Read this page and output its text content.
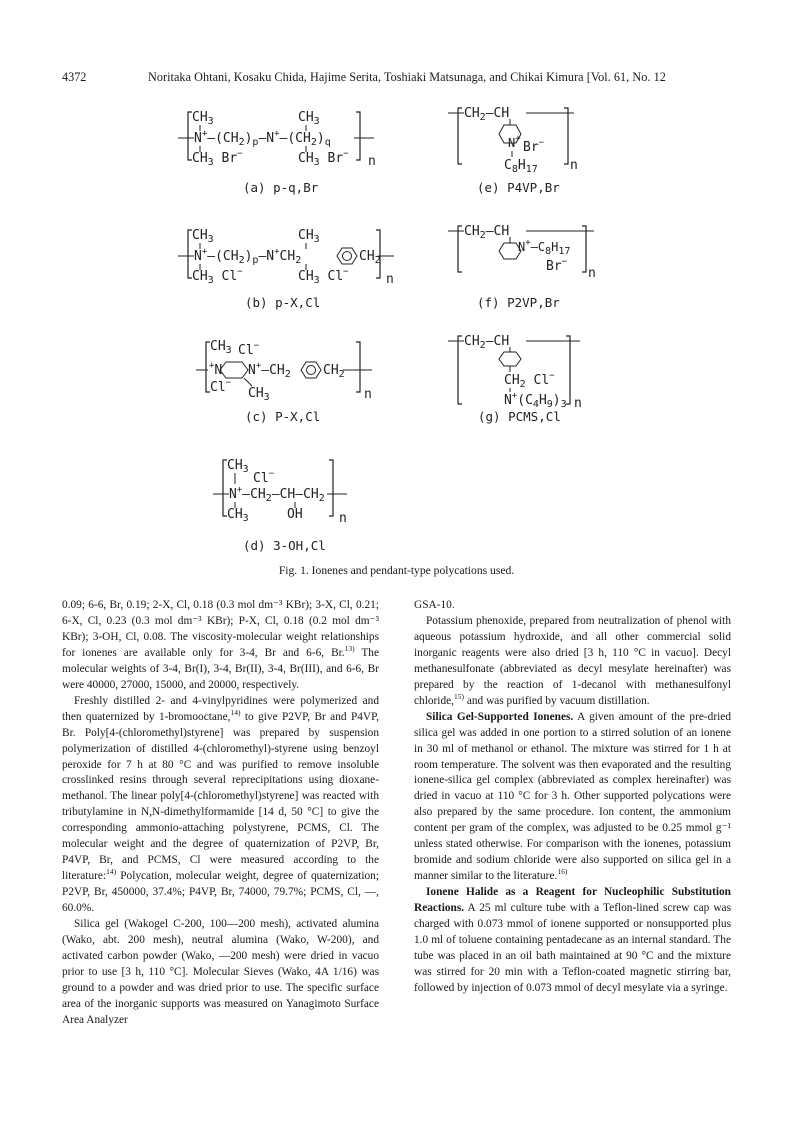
4372	Noritaka Ohtani, Kosaku Chida, Hajime Serita, Toshiaki Matsunaga, and Chikai Kimura [Vol. 61, No. 12
$CH_3$	$CH_3$
$N^+—(CH_2)_p—N^+—(CH_2)_q$
$CH_3$ Br−	$CH_3$ Br− n
(a) p-q,Br
$CH_3$	$CH_3$
$N^+—(CH_2)_p—N^+CH_2$	$CH_2$
$CH_3$ Cl−	$CH_3$ Cl−	n
(b) p-X,Cl
$CH_3$ Cl−
+N $N^+—CH_2$ $CH_2$
Cl−
$CH_3$	n
(c) P-X,Cl
$CH_3$
Cl−
$N^+—CH_2—CH—CH_2$
$CH_3$	OH	n
(d) 3-OH,Cl
$CH_2—CH$
N+
Br−
$C_8H_{17}$ n
(e) P4VP,Br
$CH_2—CH$
$N^+—C_8H_{17}$
Br−
n
(f) P2VP,Br
$CH_2—CH$
$CH_2$ Cl−
$N^+(C_4H_9)_3$ n
(g) PCMS,Cl
Fig. 1. Ionenes and pendant-type polycations used.

0.09; 6-6, Br, 0.19; 2-X, Cl, 0.18 (0.3 mol dm⁻³ KBr); 3-X, Cl, 0.21; 6-X, Cl, 0.23 (0.3 mol dm⁻³ KBr); P-X, Cl, 0.18 (0.2 mol dm⁻³ KBr); 3-OH, Cl, 0.08. The viscosity-molecular weight relationships for ionenes are available only for 3-4, Br and 6-6, Br.$^{13)}$ The molecular weights of 3-4, Br(I), 3-4, Br(II), 3-4, Br(III), and 6-6, Br were 40000, 27000, 15000, and 20000, respectively.

Freshly distilled 2- and 4-vinylpyridines were polymerized and then quaternized by 1-bromooctane,$^{14)}$ to give P2VP, Br and P4VP, Br. Poly[4-(chloromethyl)styrene] was prepared by suspension polymerization of distilled 4-(chloromethyl)-styrene using benzoyl peroxide for 7 h at 80 °C and was purified to remove insoluble crosslinked resins through several reprecipitations using dioxane-methanol. The linear poly[4-(chloromethyl)styrene] was reacted with tributylamine in N,N-dimethylformamide [14 d, 50 °C] to give the corresponding ammonio-attaching polystyrene, PCMS, Cl. The molecular weight and the degree of quaternization of P2VP, Br, P4VP, Br, and PCMS, Cl were measured according to the literature:$^{14)}$ Polycation, molecular weight, degree of quaternization; P2VP, Br, 450000, 37.4%; P4VP, Br, 74000, 79.7%; PCMS, Cl, —, 60.0%.

Silica gel (Wakogel C-200, 100—200 mesh), activated alumina (Wako, abt. 200 mesh), neutral alumina (Wako, W-200), and activated carbon powder (Wako, —200 mesh) were dried in vacuo prior to use [3 h, 110 °C]. Molecular Sieves (Wako, 4A 1/16) was ground to a powder and was dried prior to use. The specific surface area of the inorganic supports was measured on Yanagimoto Surface Area Analyzer

GSA-10.

Potassium phenoxide, prepared from neutralization of phenol with aqueous potassium hydroxide, and all other commercial solid inorganic reagents were also dried [3 h, 110 °C in vacuo]. Decyl methanesulfonate (abbreviated as decyl mesylate hereinafter) was prepared by the reaction of 1-decanol with methanesulfonyl chloride,$^{15)}$ and was purified by vacuum distillation.

Silica Gel-Supported Ionenes. A given amount of the pre-dried silica gel was added in one portion to a stirred solution of an ionene in 30 ml of methanol or ethanol. The mixture was stirred for 1 h at room temperature. The solvent was then evaporated and the resulting ionene-silica gel complex (abbreviated as complex hereinafter) was dried in vacuo at 110 °C for 3 h. Other supported polycations were also prepared by the same procedure. Ion content, the ammonium content per gram of the complex, was adjusted to be 0.25 mmol g⁻¹ unless stated otherwise. For comparison with the ionenes, potassium bromide and sodium chloride were also supported on silica gel in a manner similar to the literature.$^{16)}$

Ionene Halide as a Reagent for Nucleophilic Substitution Reactions. A 25 ml culture tube with a Teflon-lined screw cap was charged with 0.073 mmol of ionene supported or nonsupported plus 1.0 ml of toluene containing pentadecane as an internal standard. The tube was placed in an oil bath maintained at 90 °C and the mixture was stirred for 20 min with a Teflon-coated magnetic stirring bar, followed by injection of 0.073 mmol of decyl mesylate via a syringe.
